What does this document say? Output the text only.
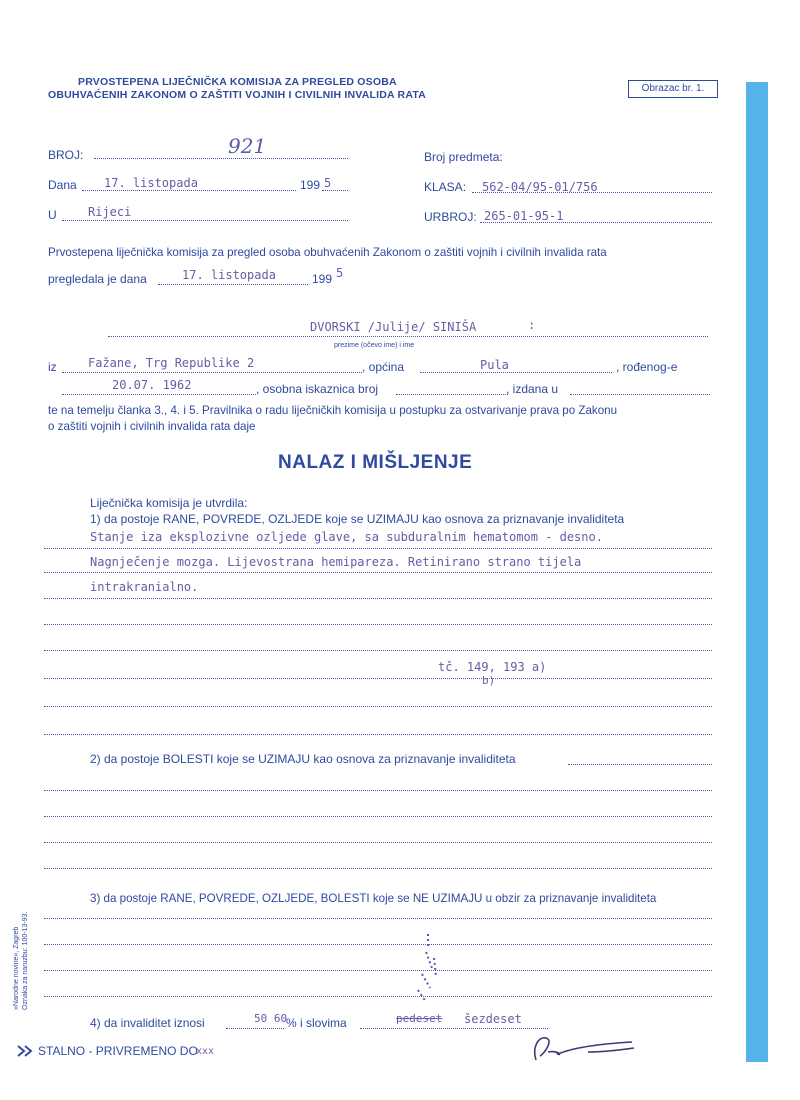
PRVOSTEPENA LIJEČNIČKA KOMISIJA ZA PREGLED OSOBA
OBUHVAĆENIH ZAKONOM O ZAŠTITI VOJNIH I CIVILNIH INVALIDA RATA
Obrazac br. 1.
BROJ:	921	Broj predmeta:
Dana 17. listopada	199 5	KLASA: 562-04/95-01/756
U	Rijeci	URBROJ: 265-01-95-1
Prvostepena liječnička komisija za pregled osoba obuhvaćenih Zakonom o zaštiti vojnih i civilnih invalida rata
pregledala je dana	17. listopada	199 5
DVORSKI /Julije/ SINIŠA	:
prezime (očevo ime) i ime
iz	Fažane, Trg Republike 2	, općina	Pula	, rođenog-e
20.07. 1962	, osobna iskaznica broj	, izdana u
te na temelju članka 3., 4. i 5. Pravilnika o radu liječničkih komisija u postupku za ostvarivanje prava po Zakonu
o zaštiti vojnih i civilnih invalida rata daje
NALAZ I MIŠLJENJE
Liječnička komisija je utvrdila:
1) da postoje RANE, POVREDE, OZLJEDE koje se UZIMAJU kao osnova za priznavanje invaliditeta
Stanje iza eksplozivne ozljede glave, sa subduralnim hematomom - desno.
Nagnječenje mozga. Lijevostrana hemipareza. Retinirano strano tijela
intrakranialno.
tč. 149, 193 a)
b)
2) da postoje BOLESTI koje se UZIMAJU kao osnova za priznavanje invaliditeta
3) da postoje RANE, POVREDE, OZLJEDE, BOLESTI koje se NE UZIMAJU u obzir za priznavanje invaliditeta
4) da invaliditet iznosi	50 60
% i slovima	pedeset šezdeset
STALNO - PRIVREMENO DO
xxx
»Narodne novine«, Zagreb Oznaka za naruzbu: 100-13-93.
